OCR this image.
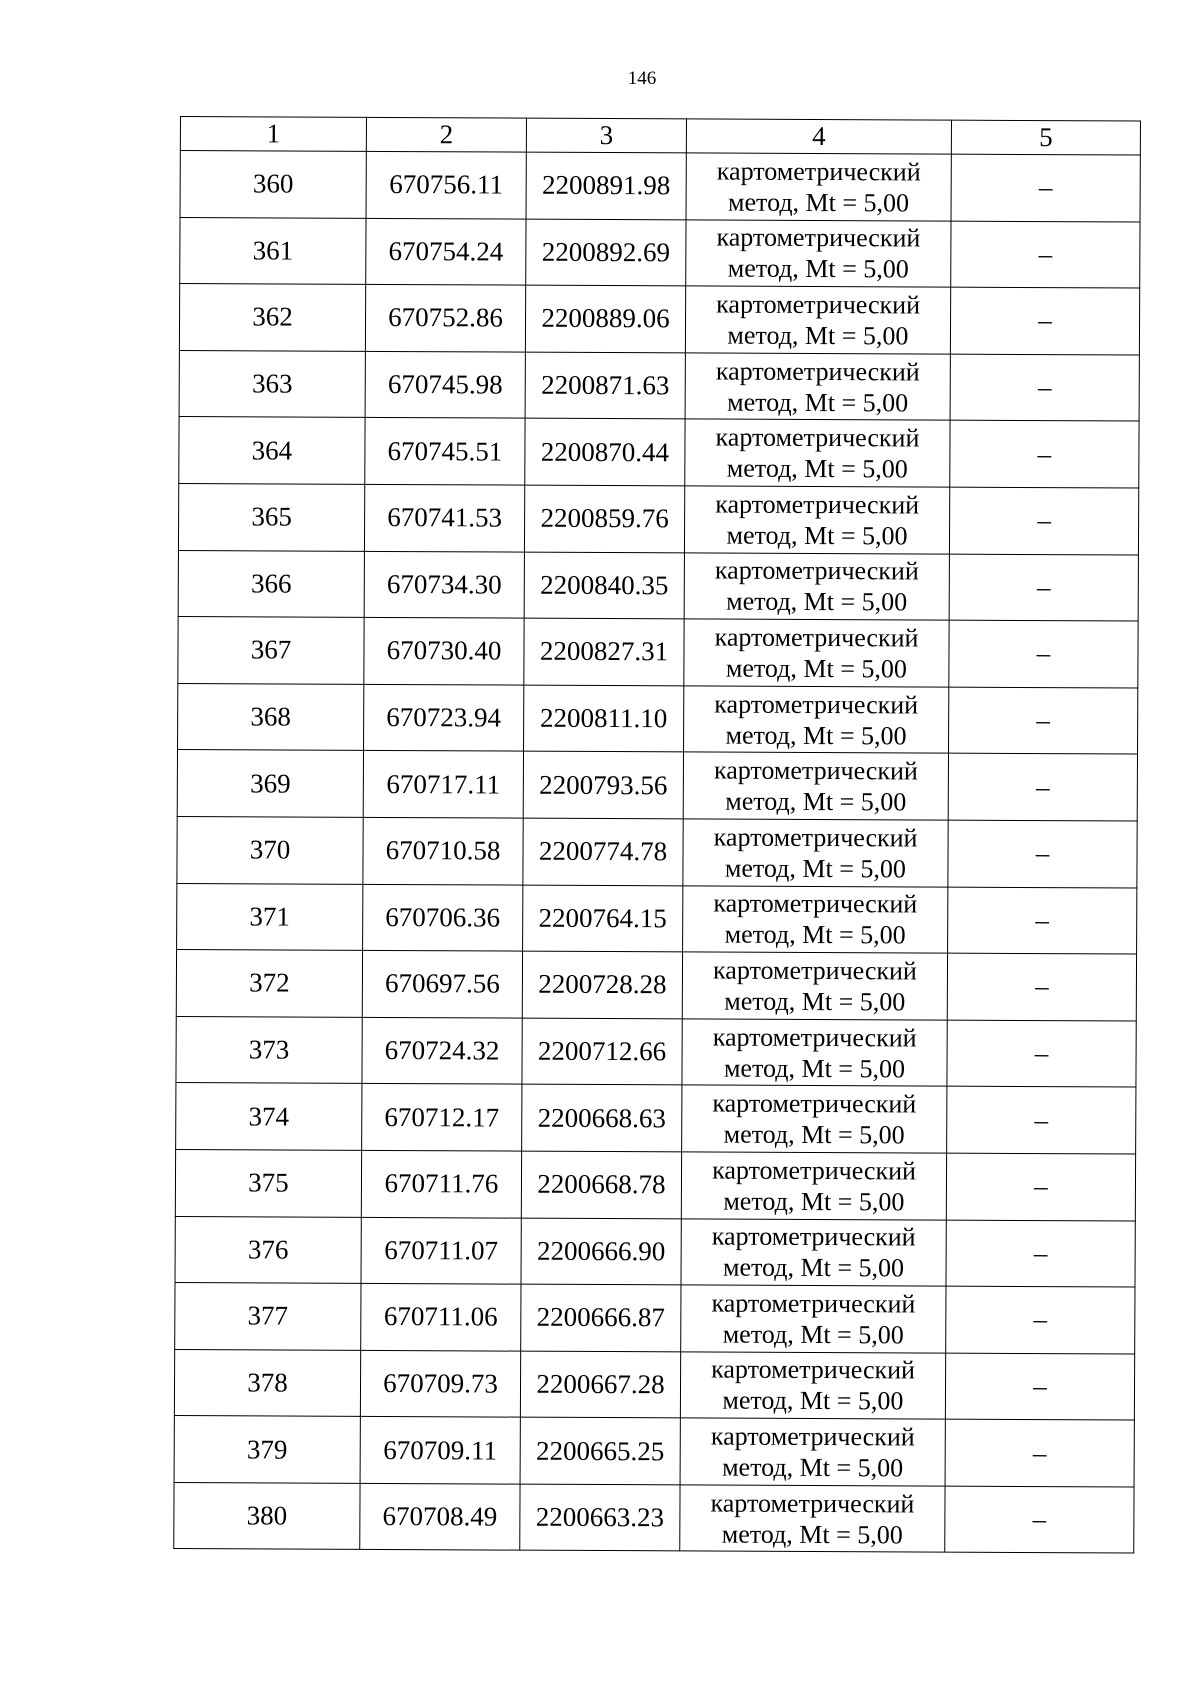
146
1	2	3	4	5
360	670756.11	2200891.98	картометрический
метод, Mt = 5,00	–
361	670754.24	2200892.69	картометрический
метод, Mt = 5,00	–
362	670752.86	2200889.06	картометрический
метод, Mt = 5,00	–
363	670745.98	2200871.63	картометрический
метод, Mt = 5,00	–
364	670745.51	2200870.44	картометрический
метод, Mt = 5,00	–
365	670741.53	2200859.76	картометрический
метод, Mt = 5,00	–
366	670734.30	2200840.35	картометрический
метод, Mt = 5,00	–
367	670730.40	2200827.31	картометрический
метод, Mt = 5,00	–
368	670723.94	2200811.10	картометрический
метод, Mt = 5,00	–
369	670717.11	2200793.56	картометрический
метод, Mt = 5,00	–
370	670710.58	2200774.78	картометрический
метод, Mt = 5,00	–
371	670706.36	2200764.15	картометрический
метод, Mt = 5,00	–
372	670697.56	2200728.28	картометрический
метод, Mt = 5,00	–
373	670724.32	2200712.66	картометрический
метод, Mt = 5,00	–
374	670712.17	2200668.63	картометрический
метод, Mt = 5,00	–
375	670711.76	2200668.78	картометрический
метод, Mt = 5,00	–
376	670711.07	2200666.90	картометрический
метод, Mt = 5,00	–
377	670711.06	2200666.87	картометрический
метод, Mt = 5,00	–
378	670709.73	2200667.28	картометрический
метод, Mt = 5,00	–
379	670709.11	2200665.25	картометрический
метод, Mt = 5,00	–
380	670708.49	2200663.23	картометрический
метод, Mt = 5,00	–
